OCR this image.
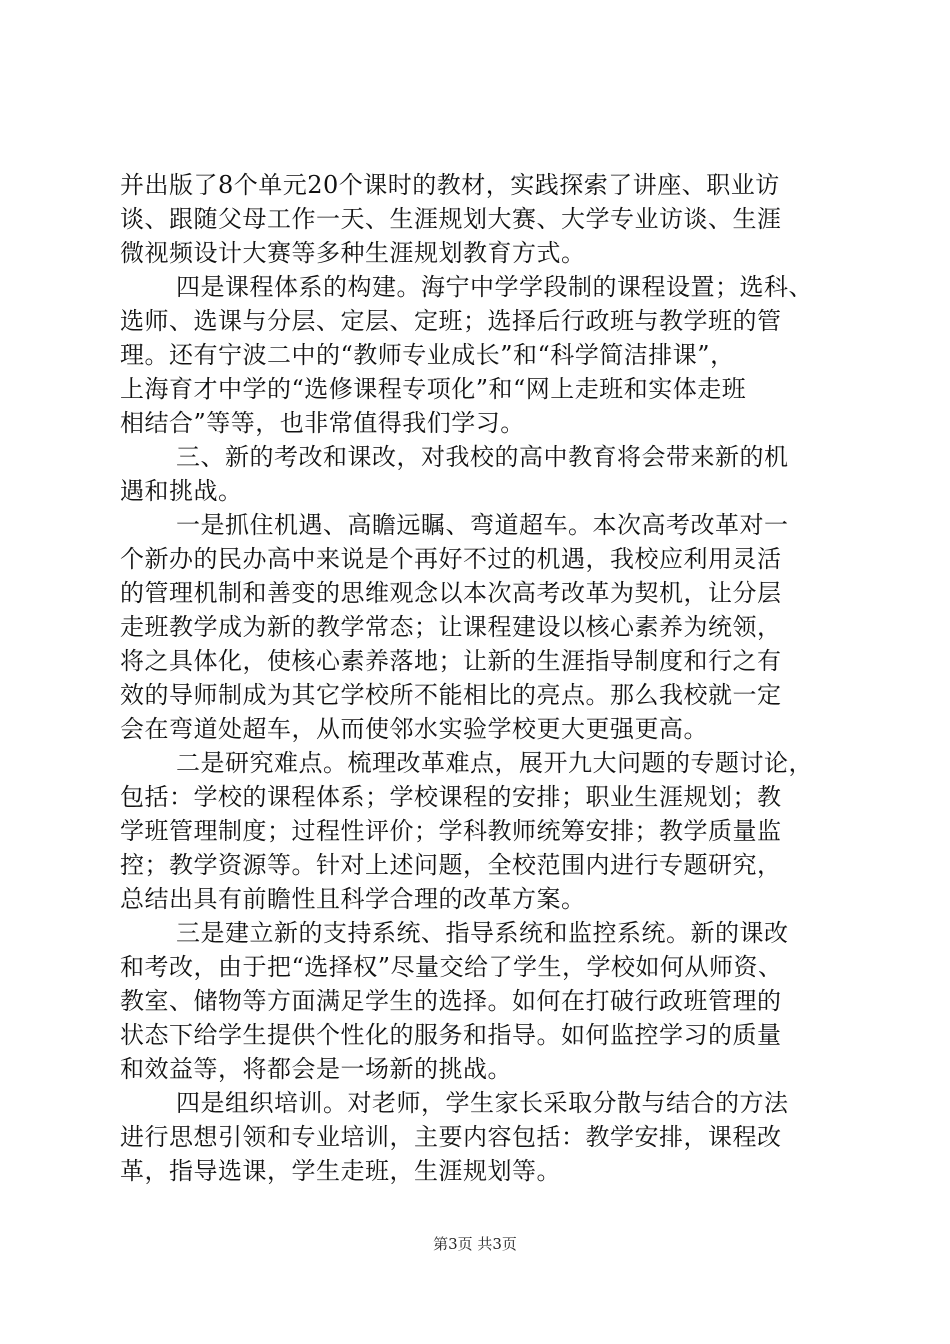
并出版了8个单元20个课时的教材，实践探索了讲座、职业访
谈、跟随父母工作一天、生涯规划大赛、大学专业访谈、生涯
微视频设计大赛等多种生涯规划教育方式。
四是课程体系的构建。海宁中学学段制的课程设置；选科、
选师、选课与分层、定层、定班；选择后行政班与教学班的管
理。还有宁波二中的“教师专业成长”和“科学简洁排课”，
上海育才中学的“选修课程专项化”和“网上走班和实体走班
相结合”等等，也非常值得我们学习。
三、新的考改和课改，对我校的高中教育将会带来新的机
遇和挑战。
一是抓住机遇、高瞻远瞩、弯道超车。本次高考改革对一
个新办的民办高中来说是个再好不过的机遇，我校应利用灵活
的管理机制和善变的思维观念以本次高考改革为契机，让分层
走班教学成为新的教学常态；让课程建设以核心素养为统领，
将之具体化，使核心素养落地；让新的生涯指导制度和行之有
效的导师制成为其它学校所不能相比的亮点。那么我校就一定
会在弯道处超车，从而使邻水实验学校更大更强更高。
二是研究难点。梳理改革难点，展开九大问题的专题讨论，
包括：学校的课程体系；学校课程的安排；职业生涯规划；教
学班管理制度；过程性评价；学科教师统筹安排；教学质量监
控；教学资源等。针对上述问题，全校范围内进行专题研究，
总结出具有前瞻性且科学合理的改革方案。
三是建立新的支持系统、指导系统和监控系统。新的课改
和考改，由于把“选择权”尽量交给了学生，学校如何从师资、
教室、储物等方面满足学生的选择。如何在打破行政班管理的
状态下给学生提供个性化的服务和指导。如何监控学习的质量
和效益等，将都会是一场新的挑战。
四是组织培训。对老师，学生家长采取分散与结合的方法
进行思想引领和专业培训，主要内容包括：教学安排，课程改
革，指导选课，学生走班，生涯规划等。
第3页 共3页
